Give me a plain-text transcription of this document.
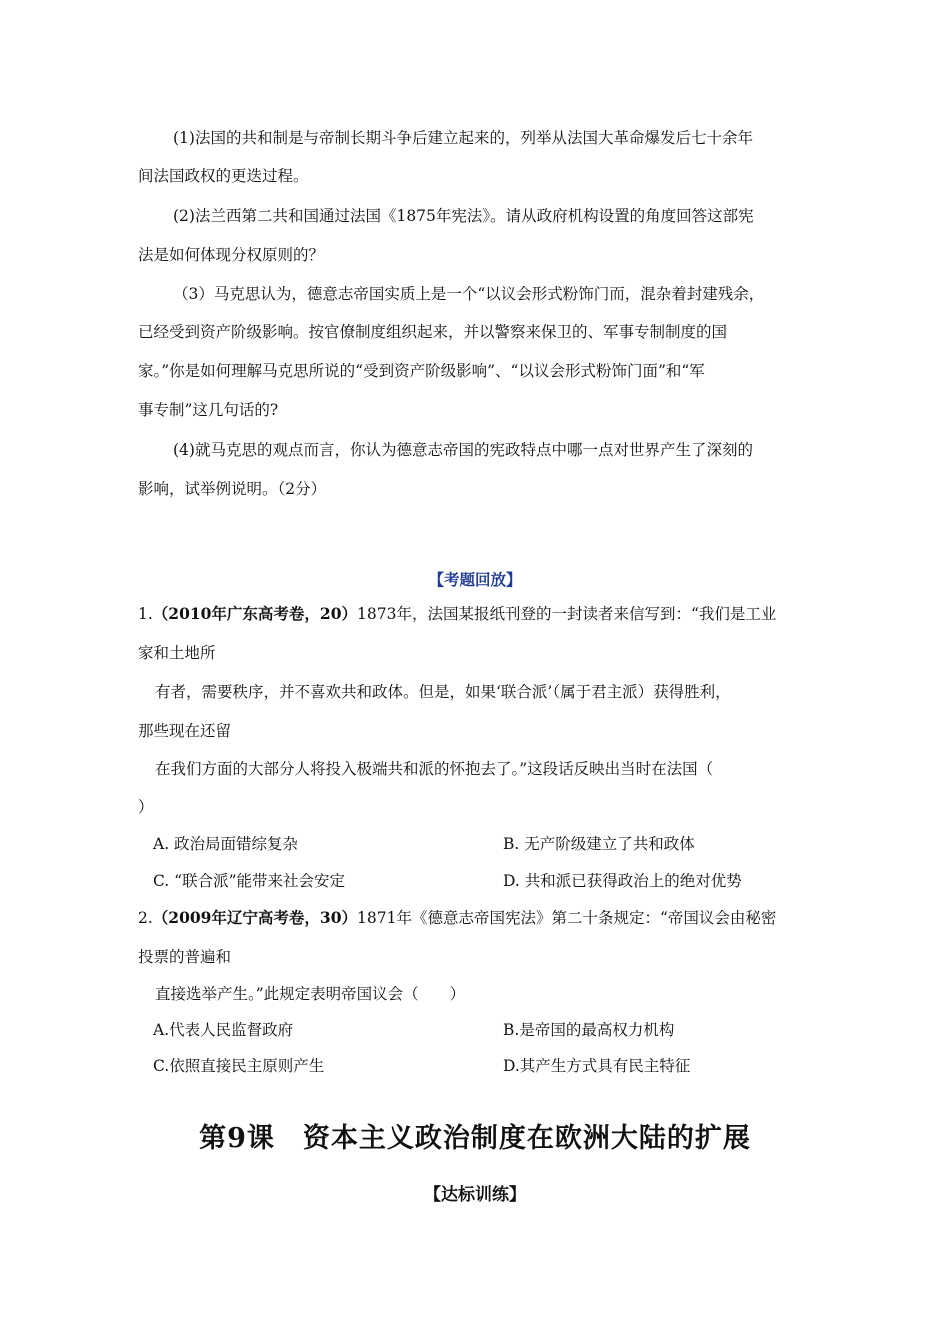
(1)法国的共和制是与帝制长期斗争后建立起来的，列举从法国大革命爆发后七十余年
间法国政权的更迭过程。
(2)法兰西第二共和国通过法国《1875年宪法》。请从政府机构设置的角度回答这部宪
法是如何体现分权原则的？
（3）马克思认为，德意志帝国实质上是一个“以议会形式粉饰门而，混杂着封建残余，
已经受到资产阶级影响。按官僚制度组织起来，并以警察来保卫的、军事专制制度的国
家。”你是如何理解马克思所说的“受到资产阶级影响”、“以议会形式粉饰门面”和“军
事专制”这几句话的?
(4)就马克思的观点而言，你认为德意志帝国的宪政特点中哪一点对世界产生了深刻的
影响，试举例说明。（2分）
【考题回放】
1.（2010年广东高考卷，20）1873年，法国某报纸刊登的一封读者来信写到：“我们是工业
家和土地所
有者，需要秩序，并不喜欢共和政体。但是，如果‘联合派’（属于君主派）获得胜利，
那些现在还留
在我们方面的大部分人将投入极端共和派的怀抱去了。”这段话反映出当时在法国（
）
A. 政治局面错综复杂	B. 无产阶级建立了共和政体
C. “联合派”能带来社会安定	D. 共和派已获得政治上的绝对优势
2.（2009年辽宁高考卷，30）1871年《德意志帝国宪法》第二十条规定：“帝国议会由秘密
投票的普遍和
直接选举产生。”此规定表明帝国议会（　　）
A.代表人民监督政府	B.是帝国的最高权力机构
C.依照直接民主原则产生	D.其产生方式具有民主特征
第9课　资本主义政治制度在欧洲大陆的扩展
【达标训练】
